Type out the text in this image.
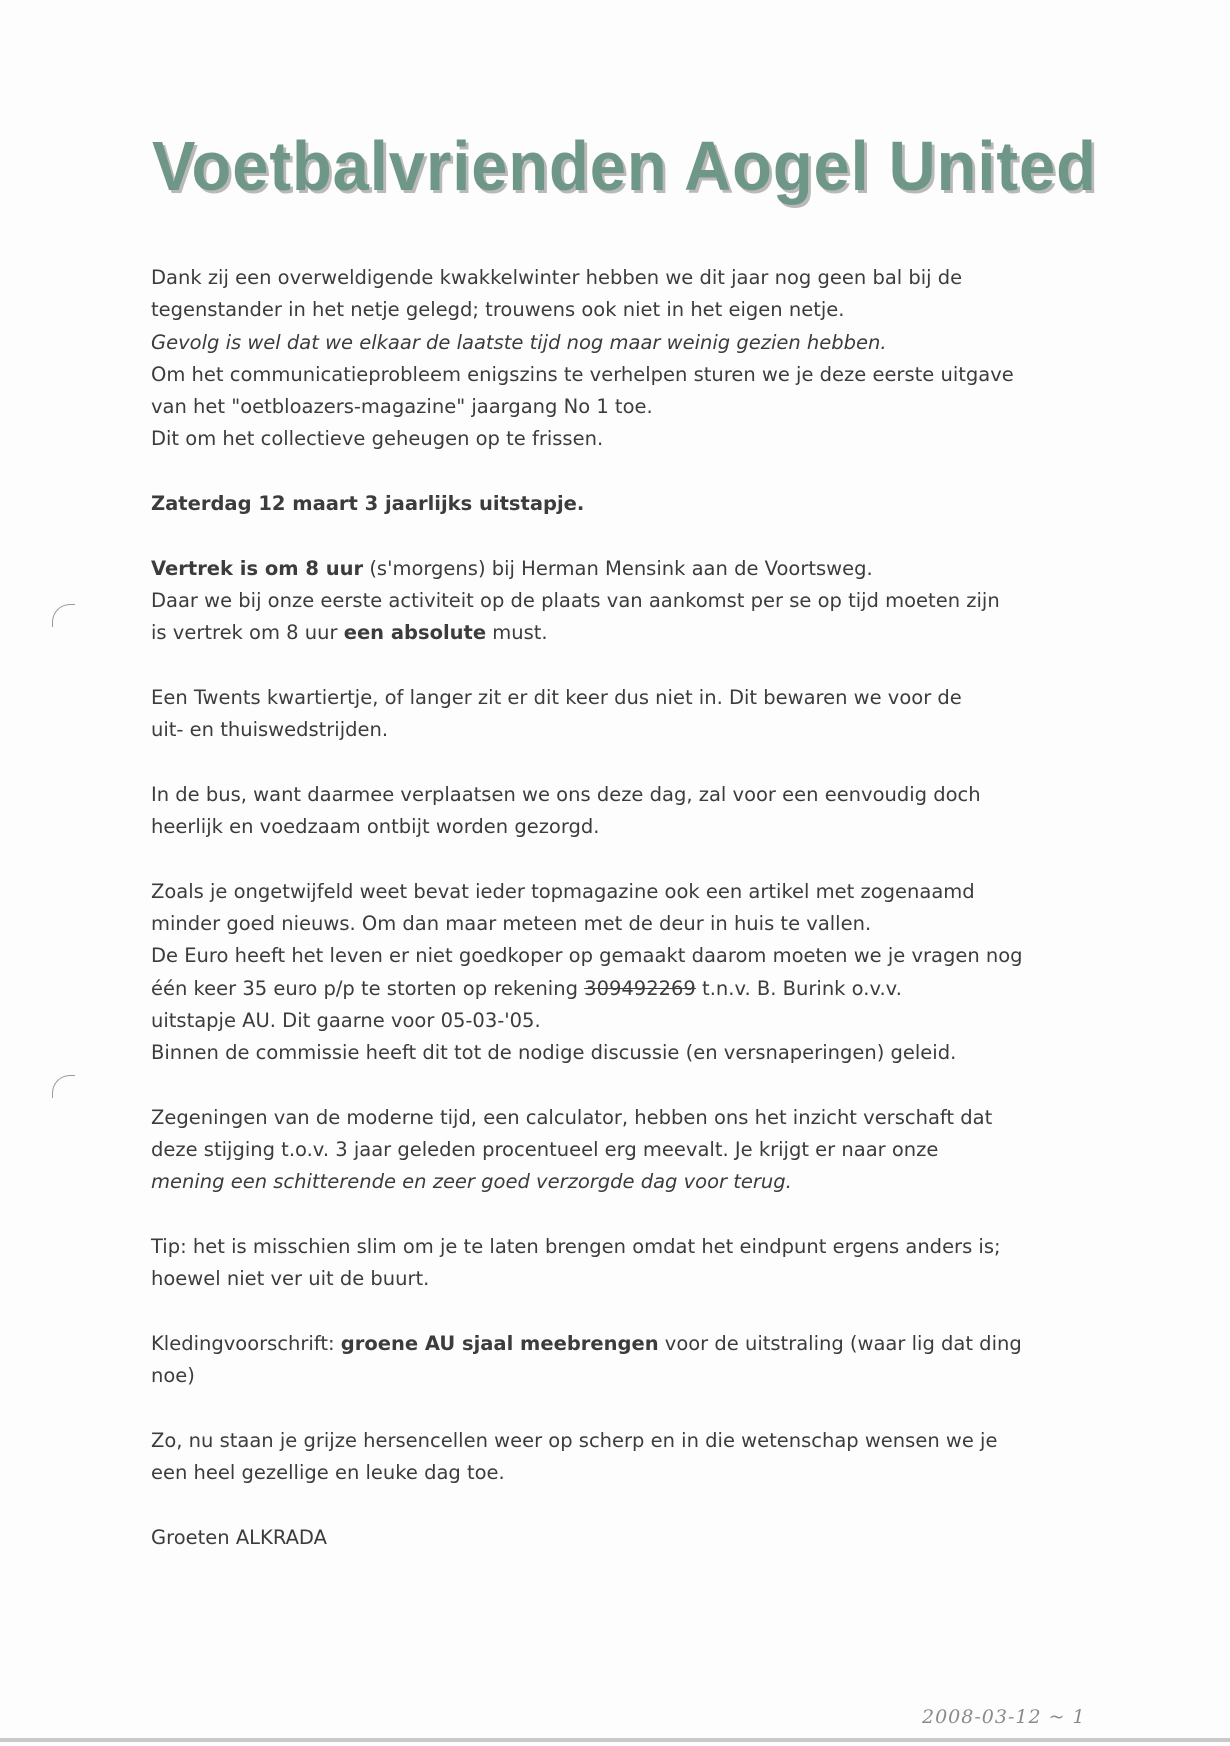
Voetbalvrienden Aogel United
Dank zij een overweldigende kwakkelwinter hebben we dit jaar nog geen bal bij de
tegenstander in het netje gelegd; trouwens ook niet in het eigen netje.
Gevolg is wel dat we elkaar de laatste tijd nog maar weinig gezien hebben.
Om het communicatieprobleem enigszins te verhelpen sturen we je deze eerste uitgave
van het "oetbloazers-magazine" jaargang No 1 toe.
Dit om het collectieve geheugen op te frissen.
Zaterdag 12 maart 3 jaarlijks uitstapje.
Vertrek is om 8 uur (s'morgens) bij Herman Mensink aan de Voortsweg.
Daar we bij onze eerste activiteit op de plaats van aankomst per se op tijd moeten zijn
is vertrek om 8 uur een absolute must.
Een Twents kwartiertje, of langer zit er dit keer dus niet in. Dit bewaren we voor de
uit- en thuiswedstrijden.
In de bus, want daarmee verplaatsen we ons deze dag, zal voor een eenvoudig doch
heerlijk en voedzaam ontbijt worden gezorgd.
Zoals je ongetwijfeld weet bevat ieder topmagazine ook een artikel met zogenaamd
minder goed nieuws. Om dan maar meteen met de deur in huis te vallen.
De Euro heeft het leven er niet goedkoper op gemaakt daarom moeten we je vragen nog
één keer 35 euro p/p te storten op rekening 309492269 t.n.v. B. Burink o.v.v.
uitstapje AU. Dit gaarne voor 05-03-'05.
Binnen de commissie heeft dit tot de nodige discussie (en versnaperingen) geleid.
Zegeningen van de moderne tijd, een calculator, hebben ons het inzicht verschaft dat
deze stijging t.o.v. 3 jaar geleden procentueel erg meevalt. Je krijgt er naar onze
mening een schitterende en zeer goed verzorgde dag voor terug.
Tip: het is misschien slim om je te laten brengen omdat het eindpunt ergens anders is;
hoewel niet ver uit de buurt.
Kledingvoorschrift: groene AU sjaal meebrengen voor de uitstraling (waar lig dat ding
noe)
Zo, nu staan je grijze hersencellen weer op scherp en in die wetenschap wensen we je
een heel gezellige en leuke dag toe.
Groeten ALKRADA
2008-03-12 ~ 1
